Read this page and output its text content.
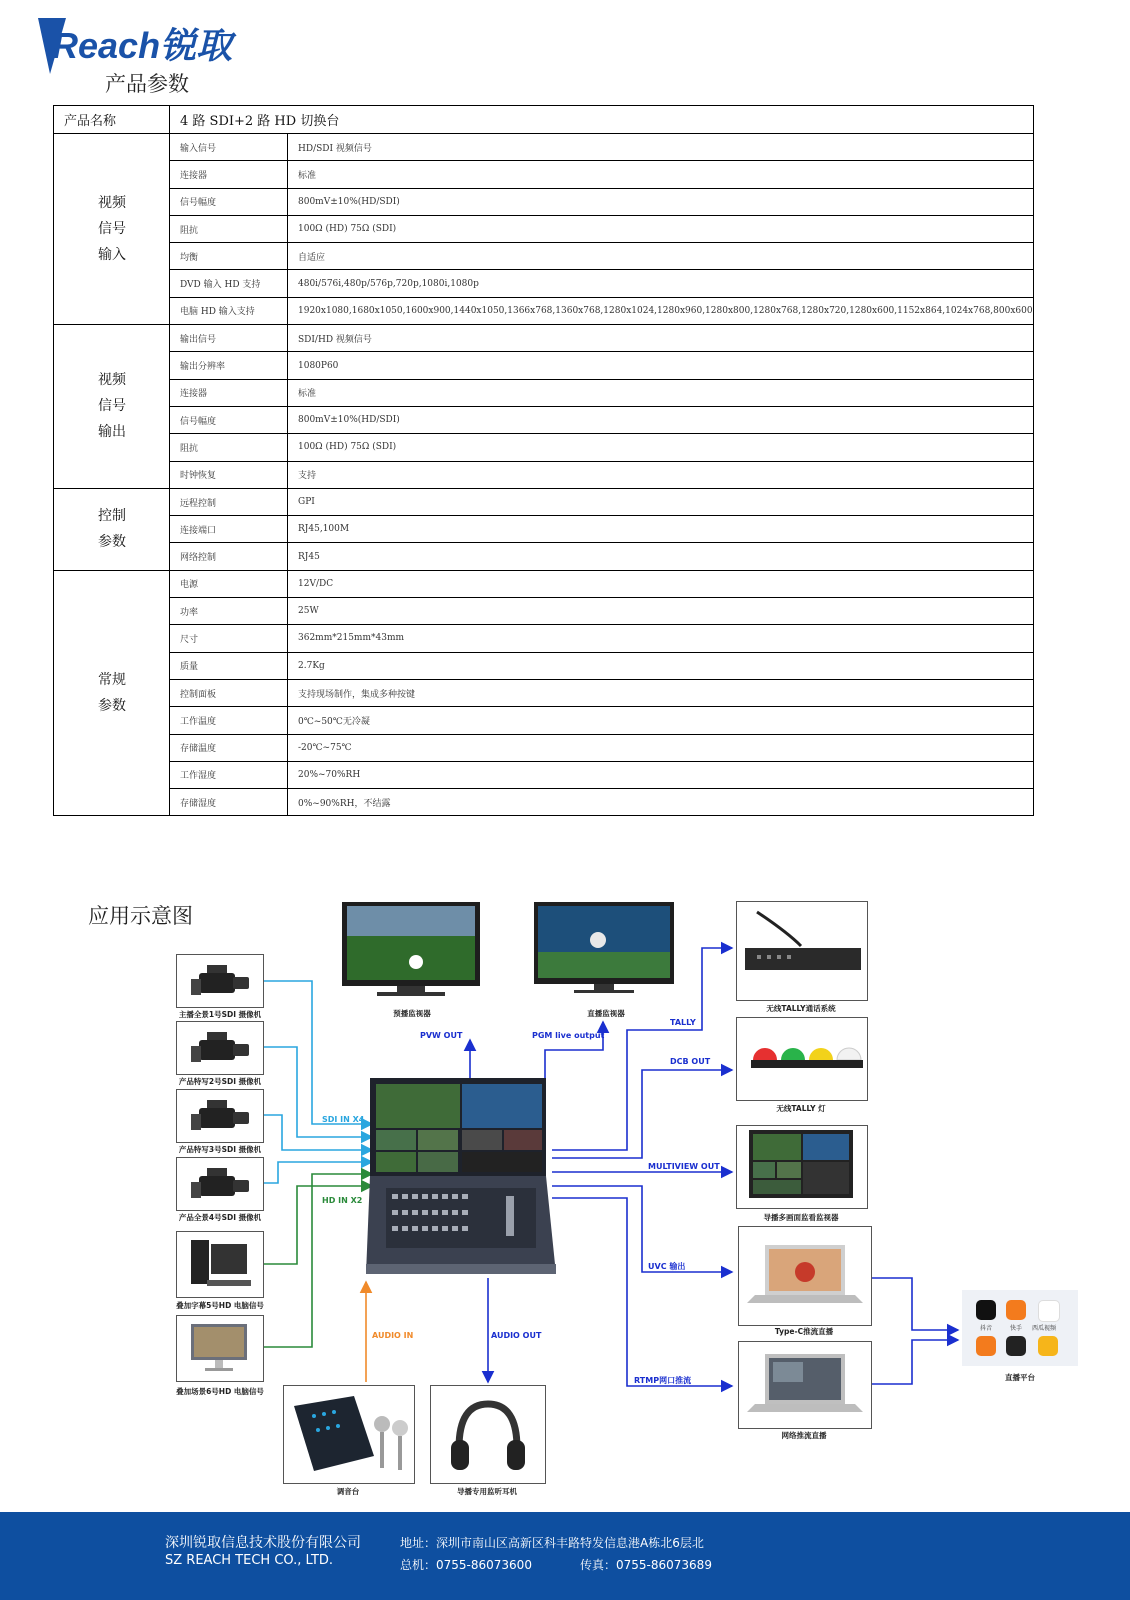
Reach锐取
产品参数
产品名称	4 路 SDI+2 路 HD 切换台	

视频
信号
输入	输入信号	HD/SDI 视频信号
	连接器	标准
	信号幅度	800mV±10%(HD/SDI)
	阻抗	100Ω (HD) 75Ω (SDI)
	均衡	自适应
	DVD 输入 HD 支持	480i/576i,480p/576p,720p,1080i,1080p
	电脑 HD 输入支持	1920x1080,1680x1050,1600x900,1440x1050,1366x768,1360x768,1280x1024,1280x960,1280x800,1280x768,1280x720,1280x600,1152x864,1024x768,800x600

视频
信号
输出	输出信号	SDI/HD 视频信号
	输出分辨率	1080P60
	连接器	标准
	信号幅度	800mV±10%(HD/SDI)
	阻抗	100Ω (HD) 75Ω (SDI)
	时钟恢复	支持

控制
参数	远程控制	GPI
	连接端口	RJ45,100M
	网络控制	RJ45

常规
参数	电源	12V/DC
	功率	25W
	尺寸	362mm*215mm*43mm
	质量	2.7Kg
	控制面板	支持现场制作，集成多种按键
	工作温度	0℃~50℃无冷凝
	存储温度	-20℃~75℃
	工作湿度	20%~70%RH
	存储湿度	0%~90%RH，不结露
应用示意图
主播全景1号SDI 摄像机
产品特写2号SDI 摄像机
产品特写3号SDI 摄像机
产品全景4号SDI 摄像机
叠加字幕5号HD 电脑信号
叠加场景6号HD 电脑信号
预播监视器	直播监视器
无线TALLY通话系统
无线TALLY 灯
导播多画面监看监视器
Type-C推流直播
网络推流直播
抖音	快手 西瓜视频
直播平台
调音台	导播专用监听耳机
SDI IN X4
HD IN X2
PVW OUT	PGM live output
TALLY
DCB OUT
MULTIVIEW OUT
UVC 输出
RTMP网口推流
AUDIO IN	AUDIO OUT
深圳锐取信息技术股份有限公司
SZ REACH TECH CO., LTD.
地址：深圳市南山区高新区科丰路特发信息港A栋北6层北
总机：0755-86073600	传真：0755-86073689
